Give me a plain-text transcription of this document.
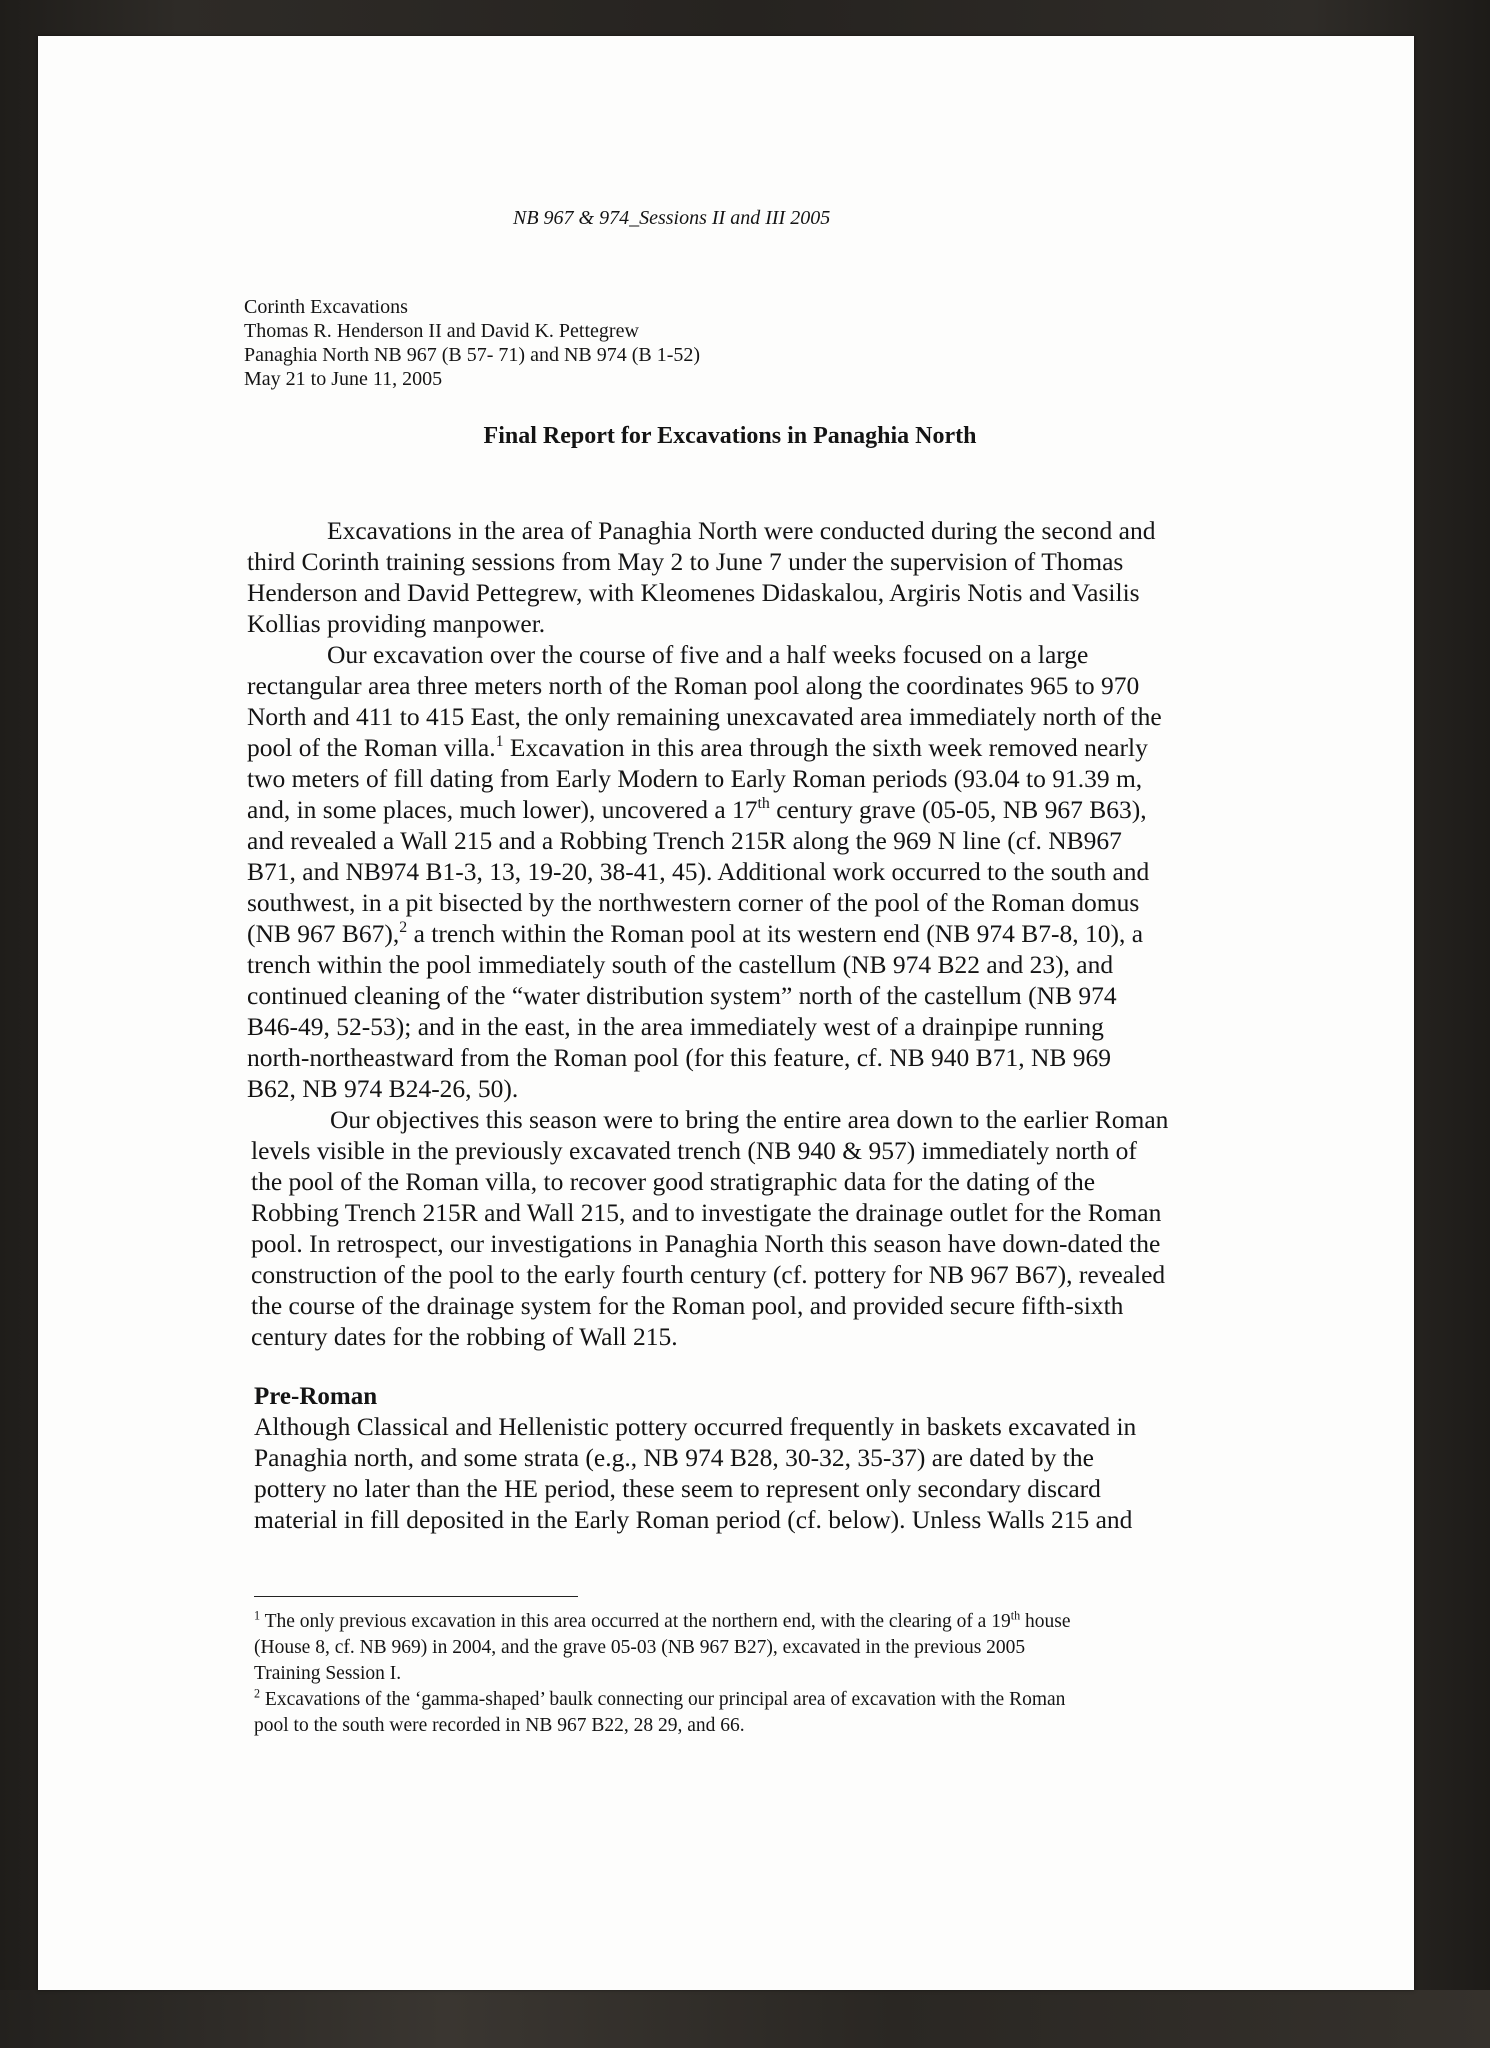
NB 967 & 974_Sessions II and III 2005
Corinth Excavations
Thomas R. Henderson II and David K. Pettegrew
Panaghia North NB 967 (B 57- 71) and NB 974 (B 1-52)
May 21 to June 11, 2005
Final Report for Excavations in Panaghia North
Excavations in the area of Panaghia North were conducted during the second and
third Corinth training sessions from May 2 to June 7 under the supervision of Thomas
Henderson and David Pettegrew, with Kleomenes Didaskalou, Argiris Notis and Vasilis
Kollias providing manpower.
Our excavation over the course of five and a half weeks focused on a large
rectangular area three meters north of the Roman pool along the coordinates 965 to 970
North and 411 to 415 East, the only remaining unexcavated area immediately north of the
pool of the Roman villa.$^1$ Excavation in this area through the sixth week removed nearly
two meters of fill dating from Early Modern to Early Roman periods (93.04 to 91.39 m,
and, in some places, much lower), uncovered a 17th century grave (05-05, NB 967 B63),
and revealed a Wall 215 and a Robbing Trench 215R along the 969 N line (cf. NB967
B71, and NB974 B1-3, 13, 19-20, 38-41, 45). Additional work occurred to the south and
southwest, in a pit bisected by the northwestern corner of the pool of the Roman domus
(NB 967 B67),$^2$ a trench within the Roman pool at its western end (NB 974 B7-8, 10), a
trench within the pool immediately south of the castellum (NB 974 B22 and 23), and
continued cleaning of the “water distribution system” north of the castellum (NB 974
B46-49, 52-53); and in the east, in the area immediately west of a drainpipe running
north-northeastward from the Roman pool (for this feature, cf. NB 940 B71, NB 969
B62, NB 974 B24-26, 50).
Our objectives this season were to bring the entire area down to the earlier Roman
levels visible in the previously excavated trench (NB 940 & 957) immediately north of
the pool of the Roman villa, to recover good stratigraphic data for the dating of the
Robbing Trench 215R and Wall 215, and to investigate the drainage outlet for the Roman
pool. In retrospect, our investigations in Panaghia North this season have down-dated the
construction of the pool to the early fourth century (cf. pottery for NB 967 B67), revealed
the course of the drainage system for the Roman pool, and provided secure fifth-sixth
century dates for the robbing of Wall 215.
Pre-Roman
Although Classical and Hellenistic pottery occurred frequently in baskets excavated in
Panaghia north, and some strata (e.g., NB 974 B28, 30-32, 35-37) are dated by the
pottery no later than the HE period, these seem to represent only secondary discard
material in fill deposited in the Early Roman period (cf. below). Unless Walls 215 and
$^1$ The only previous excavation in this area occurred at the northern end, with the clearing of a 19th house
(House 8, cf. NB 969) in 2004, and the grave 05-03 (NB 967 B27), excavated in the previous 2005
Training Session I.
$^2$ Excavations of the ‘gamma-shaped’ baulk connecting our principal area of excavation with the Roman
pool to the south were recorded in NB 967 B22, 28 29, and 66.
